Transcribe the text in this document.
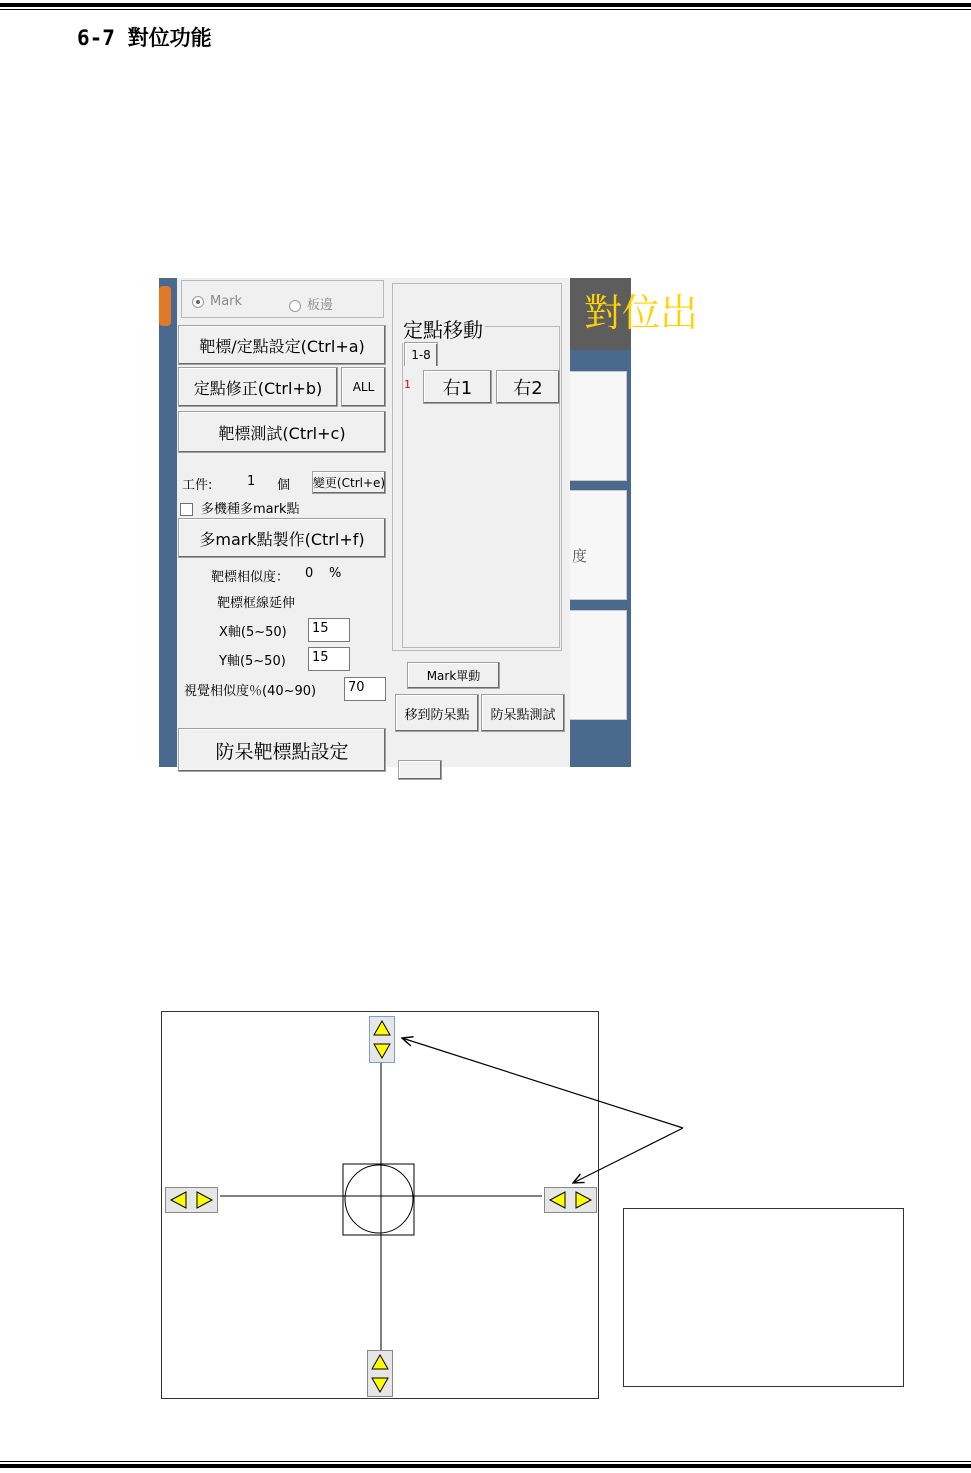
6-7 對位功能
對位岀
度
Mark	板邊
靶標/定點設定(Ctrl+a)
定點修正(Ctrl+b)	ALL
靶標測試(Ctrl+c)
工件:	1 個 變更(Ctrl+e)
多機種多mark點
多mark點製作(Ctrl+f)
靶標相似度： 0 %
靶標框線延伸
X軸(5~50)	15
Y軸(5~50)	15
視覺相似度％(40~90)	70
防呆靶標點設定
定點移動
1-8
1	右1	右2
Mark單動
移到防呆點	防呆點測試
